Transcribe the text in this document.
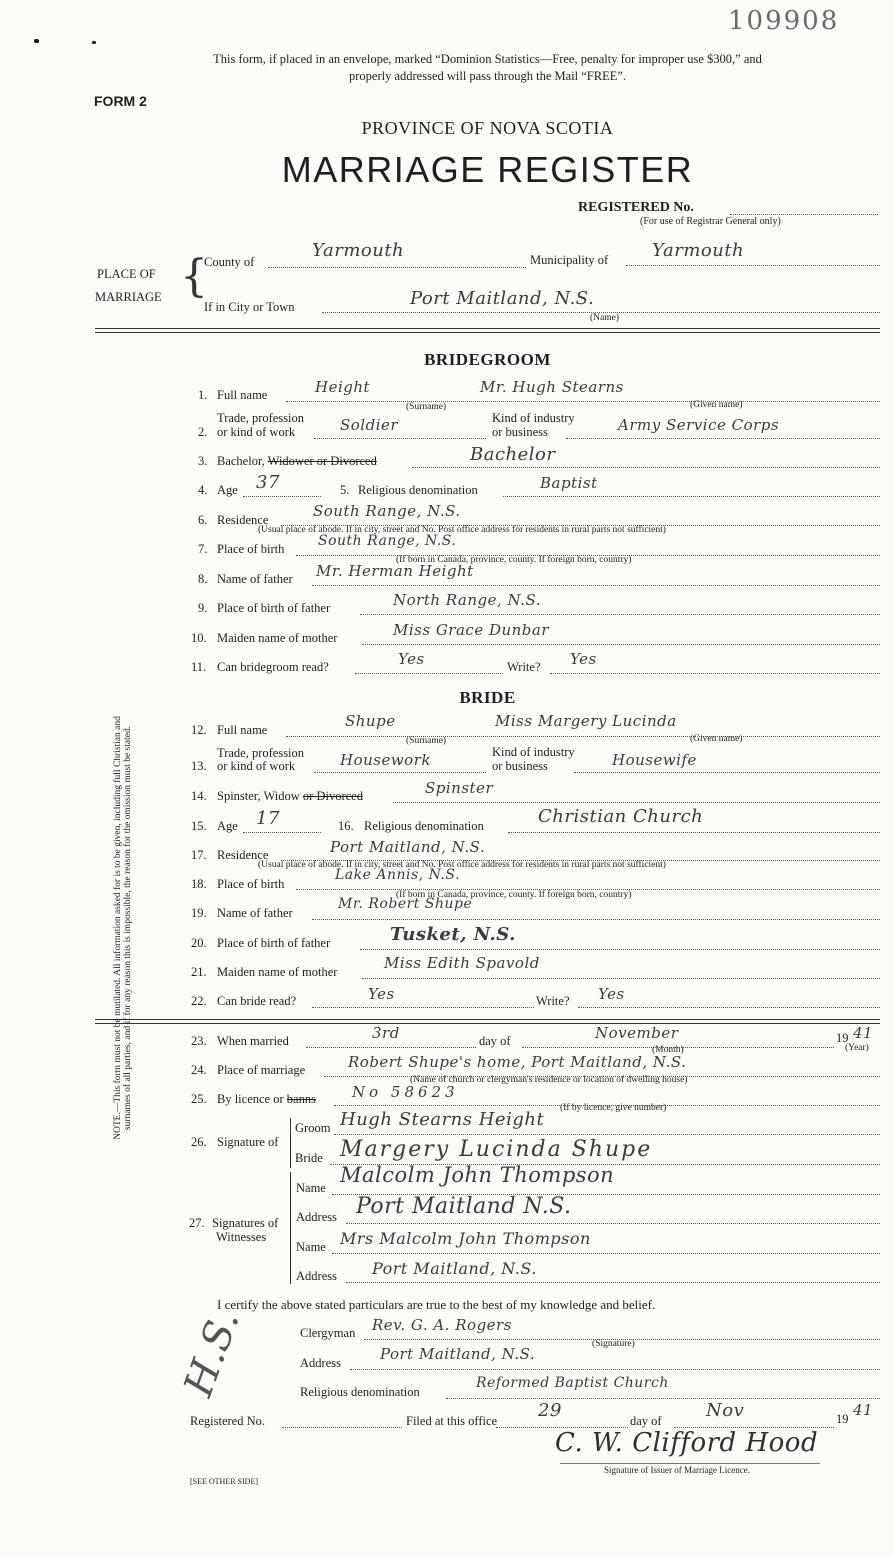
109908
This form, if placed in an envelope, marked “Dominion Statistics—Free, penalty for improper use $300,” and
properly addressed will pass through the Mail “FREE”.
FORM 2
PROVINCE OF NOVA SCOTIA
MARRIAGE REGISTER
REGISTERED No.
(For use of Registrar General only)
PLACE OF
MARRIAGE {
County of
Yarmouth	Municipality of Yarmouth
If in City or Town	Port Maitland, N.S.
(Name)
BRIDEGROOM
1. Full name	Height	Mr. Hugh Stearns
(Surname)	(Given name)
Trade, profession
2. or kind of work	Soldier	Kind of industry
or business	Army Service Corps
3. Bachelor, Widower or Divorced	Bachelor
4. Age 37	5. Religious denomination	Baptist
6. Residence	South Range, N.S.
(Usual place of abode. If in city, street and No. Post office address for residents in rural parts not sufficient)
7. Place of birth South Range, N.S.
(If born in Canada, province, county. If foreign born, country)
8. Name of father Mr. Herman Height
9. Place of birth of father	North Range, N.S.
10. Maiden name of mother	Miss Grace Dunbar
11. Can bridegroom read?	Yes	Write? Yes
BRIDE
12. Full name	Shupe	Miss Margery Lucinda
(Surname)	(Given name)
Trade, profession
13. or kind of work	Housework	Kind of industry
or business	Housewife
14. Spinster, Widow or Divorced	Spinster
15. Age 17	16. Religious denomination	Christian Church
17. Residence	Port Maitland, N.S.
(Usual place of abode. If in city, street and No. Post office address for residents in rural parts not sufficient)
18. Place of birth
Lake Annis, N.S.
(If born in Canada, province, county. If foreign born, country)
19. Name of father
Mr. Robert Shupe
20. Place of birth of father	Tusket, N.S.
21. Maiden name of mother	Miss Edith Spavold
22. Can bride read?	Yes	Write? Yes
23. When married	3rd	day of	November
(Month)
19 41
(Year)
24. Place of marriage	Robert Shupe's home, Port Maitland, N.S.
(Name of church or clergyman's residence or location of dwelling house)
25. By licence or banns No 58623
(If by licence, give number)
26. Signature of
Groom Hugh Stearns Height
Bride Margery Lucinda Shupe
27. Signatures of
Witnesses
Name
Malcolm John Thompson
Address Port Maitland N.S.
Name Mrs Malcolm John Thompson
Address Port Maitland, N.S.
I certify the above stated particulars are true to the best of my knowledge and belief.
Clergyman Rev. G. A. Rogers
(Signature)
Address	Port Maitland, N.S.
Religious denomination
Reformed Baptist Church
Registered No.	Filed at this office 29	day of Nov	19 41
C. W. Clifford Hood
Signature of Issuer of Marriage Licence.
NOTE.—This form must not be mutilated. All information asked for is to be given, including full Christian and surnames of all parties, and if for any reason this is impossible, the reason for the omission must be stated.
H.S.
[SEE OTHER SIDE]
